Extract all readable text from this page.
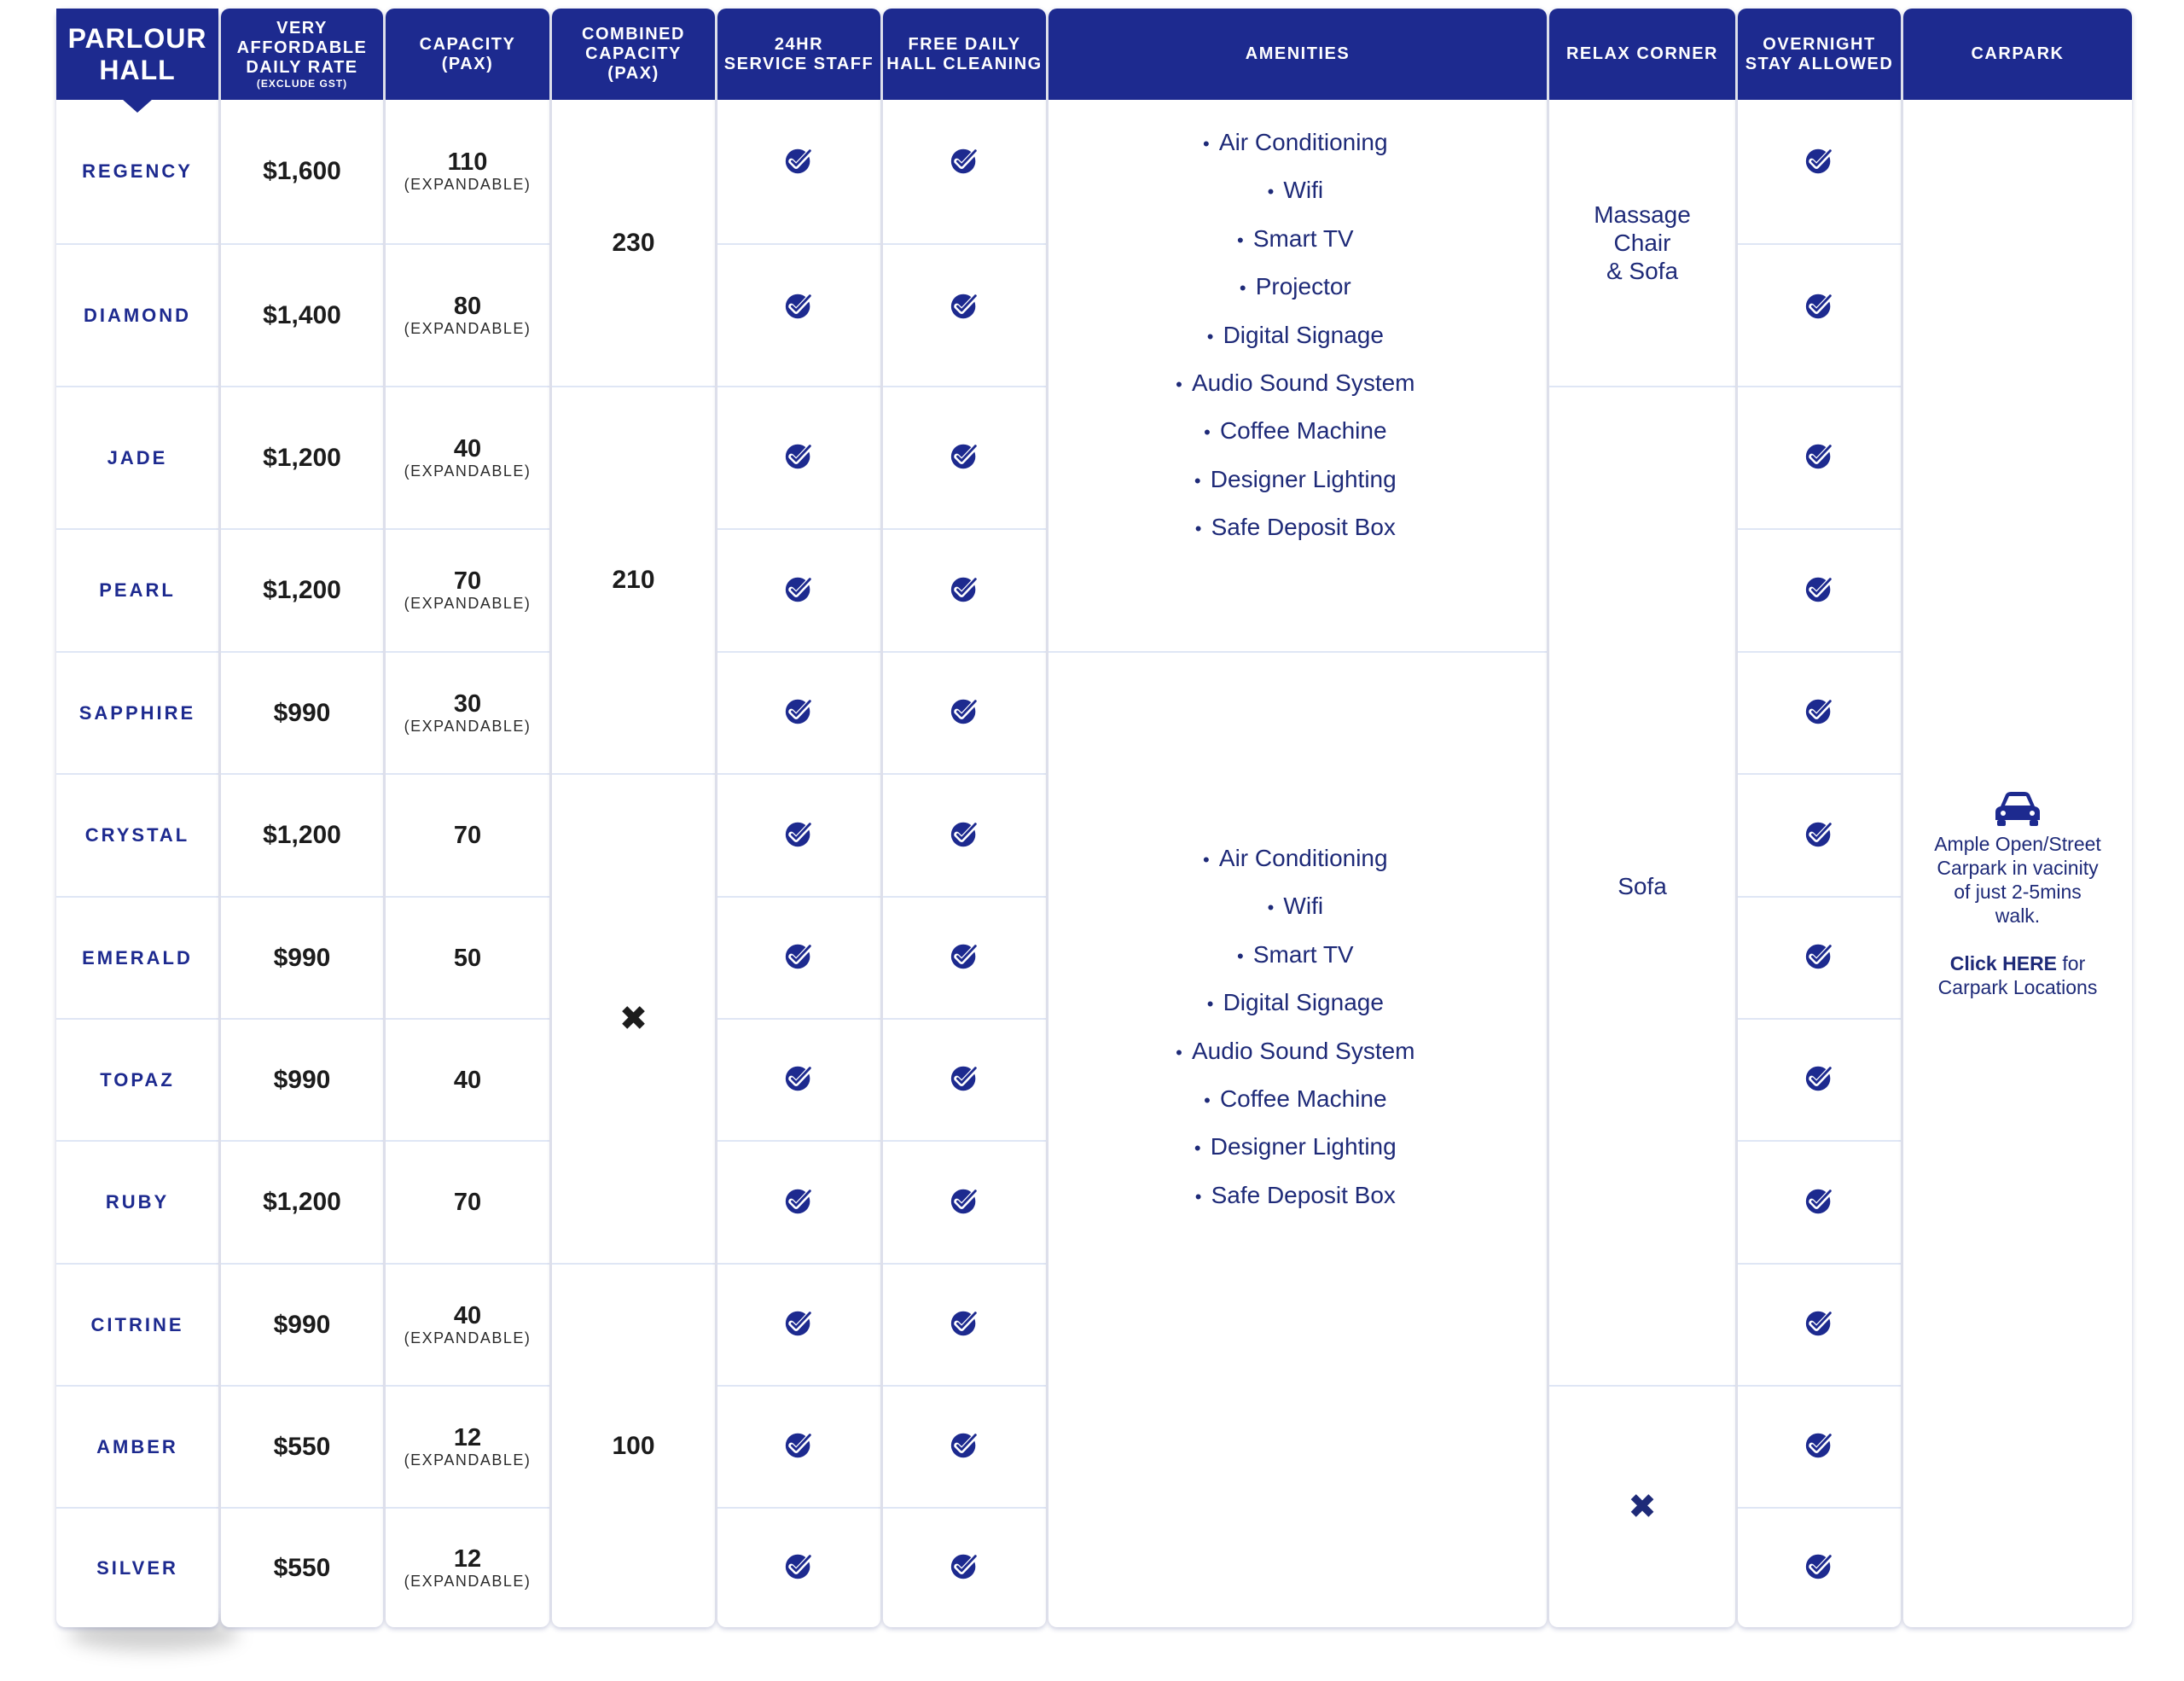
PARLOUR
HALL
REGENCY
DIAMOND
JADE
PEARL
SAPPHIRE
CRYSTAL
EMERALD
TOPAZ
RUBY
CITRINE
AMBER
SILVER
VERY
AFFORDABLE
DAILY RATE
(EXCLUDE GST)
$1,600
$1,400
$1,200
$1,200
$990
$1,200
$990
$990
$1,200
$990
$550
$550
CAPACITY
(PAX)
110
(EXPANDABLE)
80
(EXPANDABLE)
40
(EXPANDABLE)
70
(EXPANDABLE)
30
(EXPANDABLE)
70
50
40
70
40
(EXPANDABLE)
12
(EXPANDABLE)
12
(EXPANDABLE)
COMBINED
CAPACITY
(PAX)
230
210
✖
100
24HR
SERVICE STAFF
FREE DAILY
HALL CLEANING
AMENITIES
• Air Conditioning
• Wifi
• Smart TV
• Projector
• Digital Signage
• Audio Sound System
• Coffee Machine
• Designer Lighting
• Safe Deposit Box
• Air Conditioning
• Wifi
• Smart TV
• Digital Signage
• Audio Sound System
• Coffee Machine
• Designer Lighting
• Safe Deposit Box
RELAX CORNER
Massage
Chair
& Sofa
Sofa
✖
OVERNIGHT
STAY ALLOWED
CARPARK
Ample Open/Street
Carpark in vacinity
of just 2-5mins
walk.

Click HERE for
Carpark Locations
